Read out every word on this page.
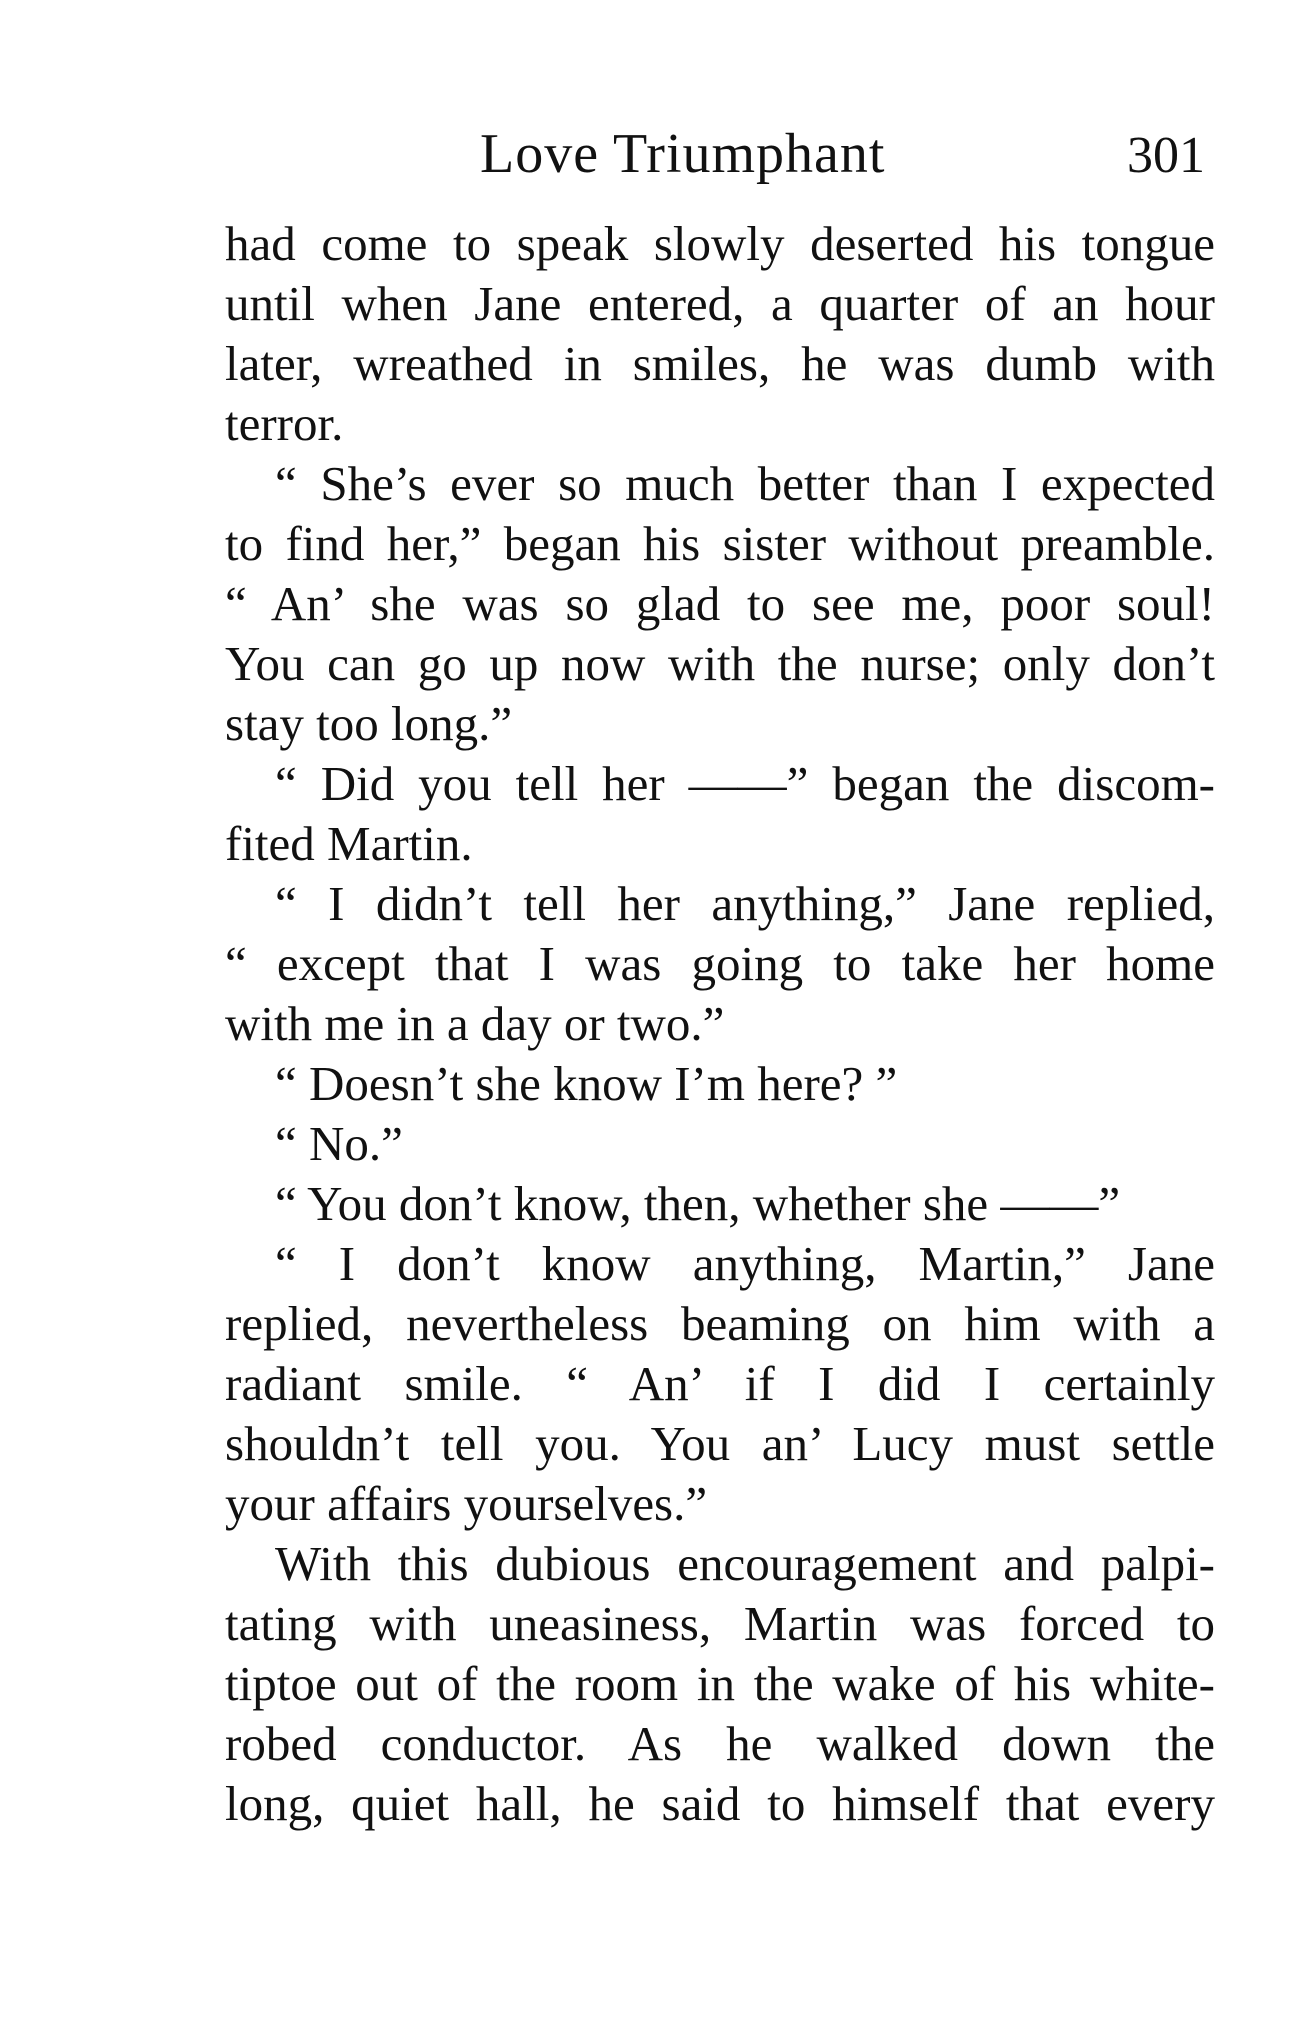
Love Triumphant	301
had come to speak slowly deserted his tongue
until when Jane entered, a quarter of an hour
later, wreathed in smiles, he was dumb with
terror.
“ She’s ever so much better than I expected
to find her,” began his sister without preamble.
“ An’ she was so glad to see me, poor soul!
You can go up now with the nurse; only don’t
stay too long.”
“ Did you tell her ——” began the discom-
fited Martin.
“ I didn’t tell her anything,” Jane replied,
“ except that I was going to take her home
with me in a day or two.”
“ Doesn’t she know I’m here? ”
“ No.”
“ You don’t know, then, whether she ——”
“ I don’t know anything, Martin,” Jane
replied, nevertheless beaming on him with a
radiant smile. “ An’ if I did I certainly
shouldn’t tell you. You an’ Lucy must settle
your affairs yourselves.”
With this dubious encouragement and palpi-
tating with uneasiness, Martin was forced to
tiptoe out of the room in the wake of his white-
robed conductor. As he walked down the
long, quiet hall, he said to himself that every
